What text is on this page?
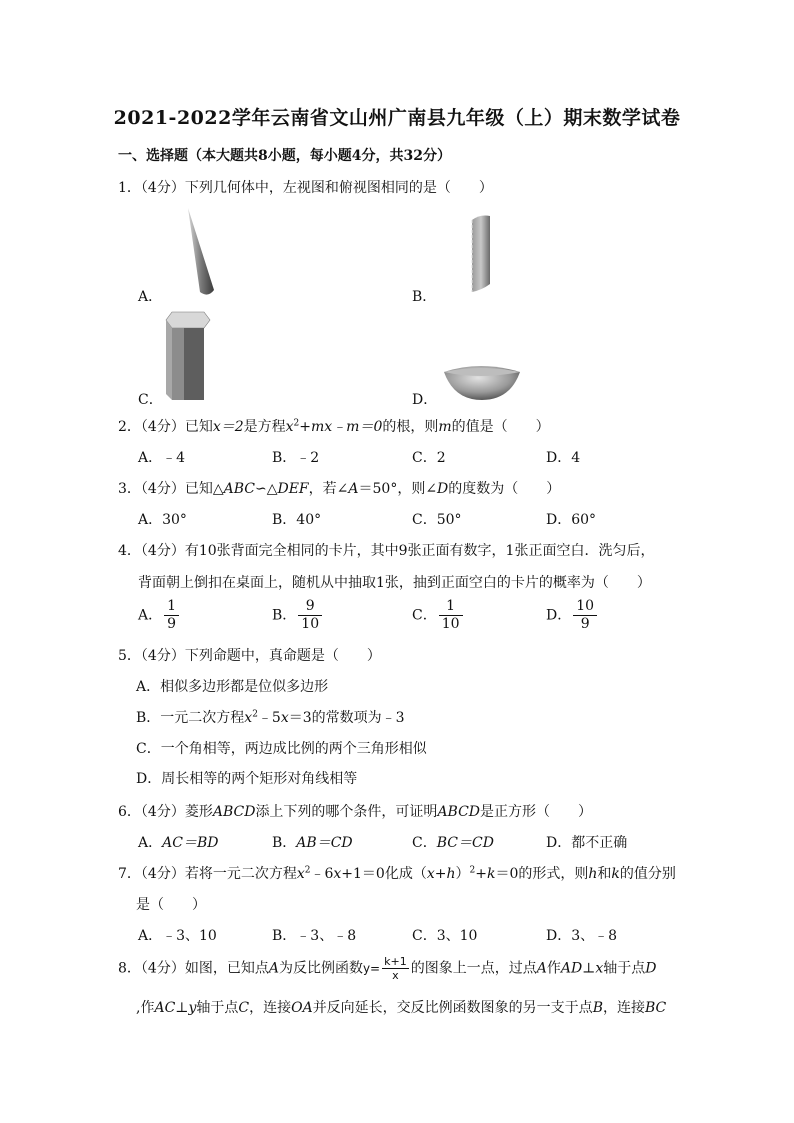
2021-2022学年云南省文山州广南县九年级（上）期末数学试卷
一、选择题（本大题共8小题，每小题4分，共32分）
1．（4分）下列几何体中，左视图和俯视图相同的是（　　）
A．	B．
C．	D．
2．（4分）已知x＝2是方程$x^2+mx﹣m=0$的根，则m的值是（　　）
A．﹣4	B．﹣2	C．2	D．4
3．（4分）已知△ABC∽△DEF，若∠A＝50°，则∠D的度数为（　　）
A．30°	B．40°	C．50°	D．60°
4．（4分）有10张背面完全相同的卡片，其中9张正面有数字，1张正面空白．洗匀后，
背面朝上倒扣在桌面上，随机从中抽取1张，抽到正面空白的卡片的概率为（　　）
A． $\frac{1}{9}$	B． $\frac{9}{10}$	C． $\frac{1}{10}$	D． $\frac{10}{9}$
5．（4分）下列命题中，真命题是（　　）
A．相似多边形都是位似多边形
B．一元二次方程$x^2﹣5x=3$的常数项为﹣3
C．一个角相等，两边成比例的两个三角形相似
D．周长相等的两个矩形对角线相等
6．（4分）菱形ABCD添上下列的哪个条件，可证明ABCD是正方形（　　）
A．AC＝BD	B．AB＝CD	C．BC＝CD	D．都不正确
7．（4分）若将一元二次方程$x^2﹣6x+1=0$化成$(x+h)^2+k=0$的形式，则h和k的值分别
是（　　）
A．﹣3、10	B．﹣3、﹣8	C．3、10	D．3、﹣8
8．（4分）如图，已知点A为反比例函数$y= \frac{k+1}{x}$ 的图象上一点，过点A作AD⊥x轴于点D
,作AC⊥y轴于点C，连接OA并反向延长，交反比例函数图象的另一支于点B，连接BC
